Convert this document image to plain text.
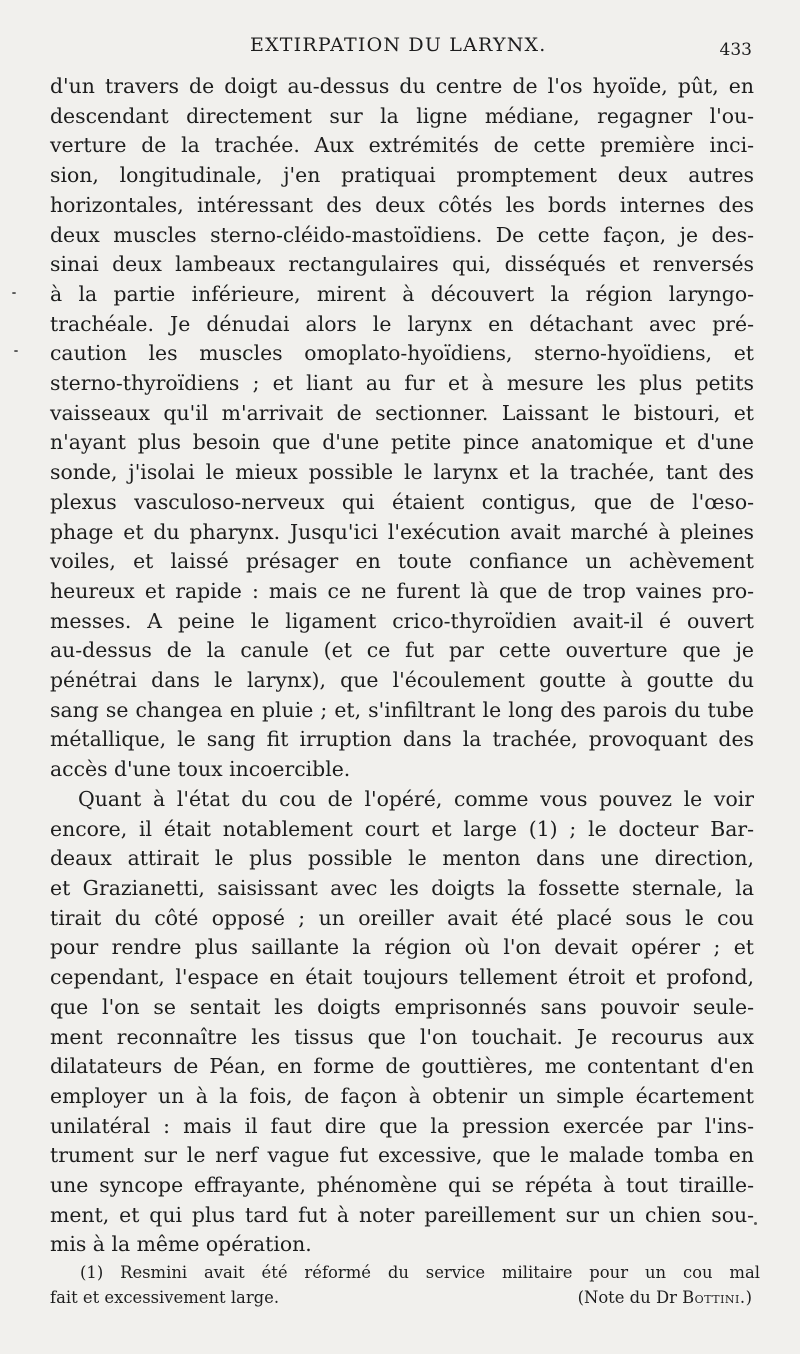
EXTIRPATION DU LARYNX.	433
d'un travers de doigt au-dessus du centre de l'os hyoïde, pût, en
descendant directement sur la ligne médiane, regagner l'ou-
verture de la trachée. Aux extrémités de cette première inci-
sion, longitudinale, j'en pratiquai promptement deux autres
horizontales, intéressant des deux côtés les bords internes des
deux muscles sterno-cléido-mastoïdiens. De cette façon, je des-
sinai deux lambeaux rectangulaires qui, disséqués et renversés
à la partie inférieure, mirent à découvert la région laryngo-
trachéale. Je dénudai alors le larynx en détachant avec pré-
caution les muscles omoplato-hyoïdiens, sterno-hyoïdiens, et
sterno-thyroïdiens ; et liant au fur et à mesure les plus petits
vaisseaux qu'il m'arrivait de sectionner. Laissant le bistouri, et
n'ayant plus besoin que d'une petite pince anatomique et d'une
sonde, j'isolai le mieux possible le larynx et la trachée, tant des
plexus vasculoso-nerveux qui étaient contigus, que de l'œso-
phage et du pharynx. Jusqu'ici l'exécution avait marché à pleines
voiles, et laissé présager en toute confiance un achèvement
heureux et rapide : mais ce ne furent là que de trop vaines pro-
messes. A peine le ligament crico-thyroïdien avait-il é ouvert
au-dessus de la canule (et ce fut par cette ouverture que je
pénétrai dans le larynx), que l'écoulement goutte à goutte du
sang se changea en pluie ; et, s'infiltrant le long des parois du tube
métallique, le sang fit irruption dans la trachée, provoquant des
accès d'une toux incoercible.
Quant à l'état du cou de l'opéré, comme vous pouvez le voir
encore, il était notablement court et large (1) ; le docteur Bar-
deaux attirait le plus possible le menton dans une direction,
et Grazianetti, saisissant avec les doigts la fossette sternale, la
tirait du côté opposé ; un oreiller avait été placé sous le cou
pour rendre plus saillante la région où l'on devait opérer ; et
cependant, l'espace en était toujours tellement étroit et profond,
que l'on se sentait les doigts emprisonnés sans pouvoir seule-
ment reconnaître les tissus que l'on touchait. Je recourus aux
dilatateurs de Péan, en forme de gouttières, me contentant d'en
employer un à la fois, de façon à obtenir un simple écartement
unilatéral : mais il faut dire que la pression exercée par l'ins-
trument sur le nerf vague fut excessive, que le malade tomba en
une syncope effrayante, phénomène qui se répéta à tout tiraille-
ment, et qui plus tard fut à noter pareillement sur un chien sou-
mis à la même opération.
(1) Resmini avait été réformé du service militaire pour un cou mal
fait et excessivement large.	(Note du Dr Bottini.)
